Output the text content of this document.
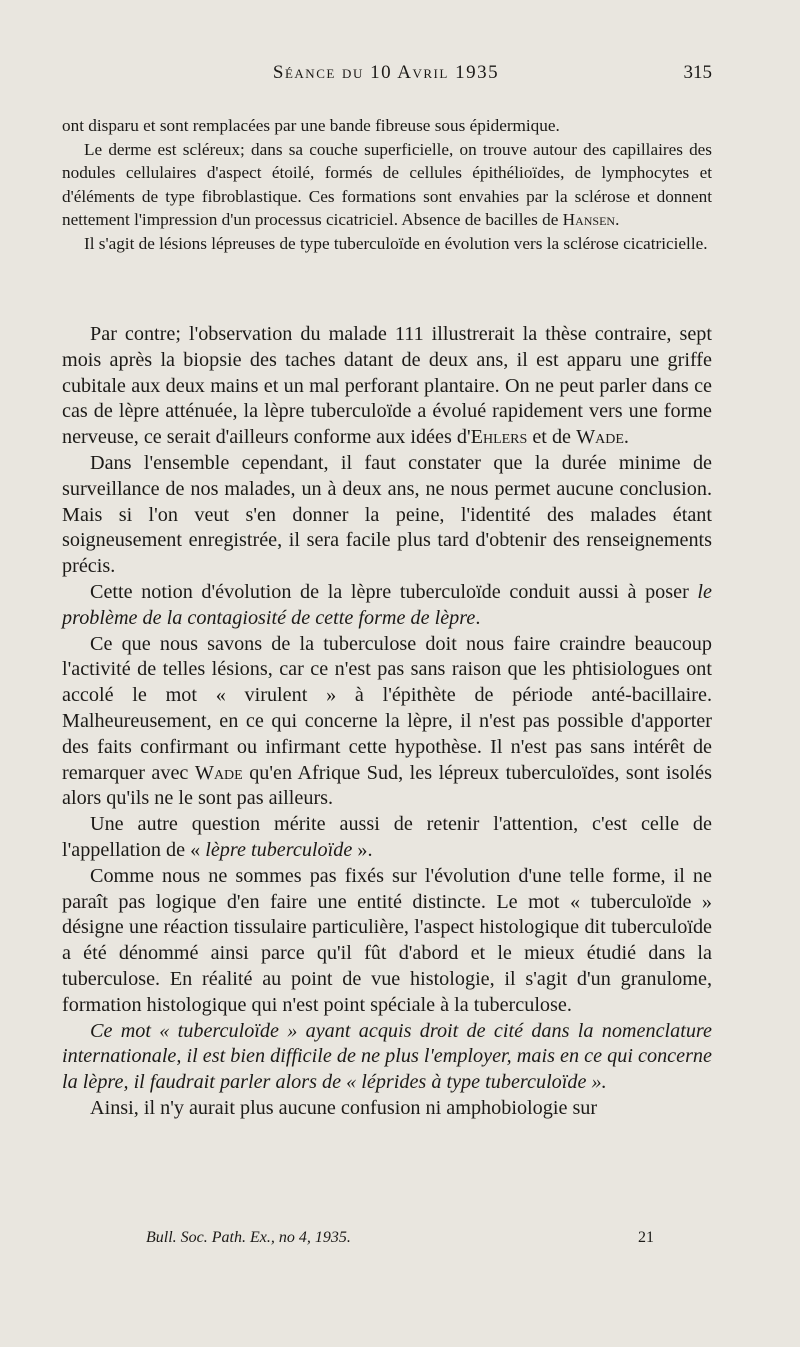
Séance du 10 Avril 1935	315

ont disparu et sont remplacées par une bande fibreuse sous épidermique.

Le derme est scléreux; dans sa couche superficielle, on trouve autour des capillaires des nodules cellulaires d'aspect étoilé, formés de cellules épithélioïdes, de lymphocytes et d'éléments de type fibroblastique. Ces formations sont envahies par la sclérose et donnent nettement l'impression d'un processus cicatriciel. Absence de bacilles de Hansen.

Il s'agit de lésions lépreuses de type tuberculoïde en évolution vers la sclérose cicatricielle.

Par contre; l'observation du malade 111 illustrerait la thèse contraire, sept mois après la biopsie des taches datant de deux ans, il est apparu une griffe cubitale aux deux mains et un mal perforant plantaire. On ne peut parler dans ce cas de lèpre atténuée, la lèpre tuberculoïde a évolué rapidement vers une forme nerveuse, ce serait d'ailleurs conforme aux idées d'Ehlers et de Wade.

Dans l'ensemble cependant, il faut constater que la durée minime de surveillance de nos malades, un à deux ans, ne nous permet aucune conclusion. Mais si l'on veut s'en donner la peine, l'identité des malades étant soigneusement enregistrée, il sera facile plus tard d'obtenir des renseignements précis.

Cette notion d'évolution de la lèpre tuberculoïde conduit aussi à poser le problème de la contagiosité de cette forme de lèpre.

Ce que nous savons de la tuberculose doit nous faire craindre beaucoup l'activité de telles lésions, car ce n'est pas sans raison que les phtisiologues ont accolé le mot « virulent » à l'épithète de période anté-bacillaire. Malheureusement, en ce qui concerne la lèpre, il n'est pas possible d'apporter des faits confirmant ou infirmant cette hypothèse. Il n'est pas sans intérêt de remarquer avec Wade qu'en Afrique Sud, les lépreux tuberculoïdes, sont isolés alors qu'ils ne le sont pas ailleurs.

Une autre question mérite aussi de retenir l'attention, c'est celle de l'appellation de « lèpre tuberculoïde ».

Comme nous ne sommes pas fixés sur l'évolution d'une telle forme, il ne paraît pas logique d'en faire une entité distincte. Le mot « tuberculoïde » désigne une réaction tissulaire particulière, l'aspect histologique dit tuberculoïde a été dénommé ainsi parce qu'il fût d'abord et le mieux étudié dans la tuberculose. En réalité au point de vue histologie, il s'agit d'un granulome, formation histologique qui n'est point spéciale à la tuberculose.

Ce mot « tuberculoïde » ayant acquis droit de cité dans la nomenclature internationale, il est bien difficile de ne plus l'employer, mais en ce qui concerne la lèpre, il faudrait parler alors de « léprides à type tuberculoïde ».

Ainsi, il n'y aurait plus aucune confusion ni amphobiologie sur

Bull. Soc. Path. Ex., no 4, 1935.	21
